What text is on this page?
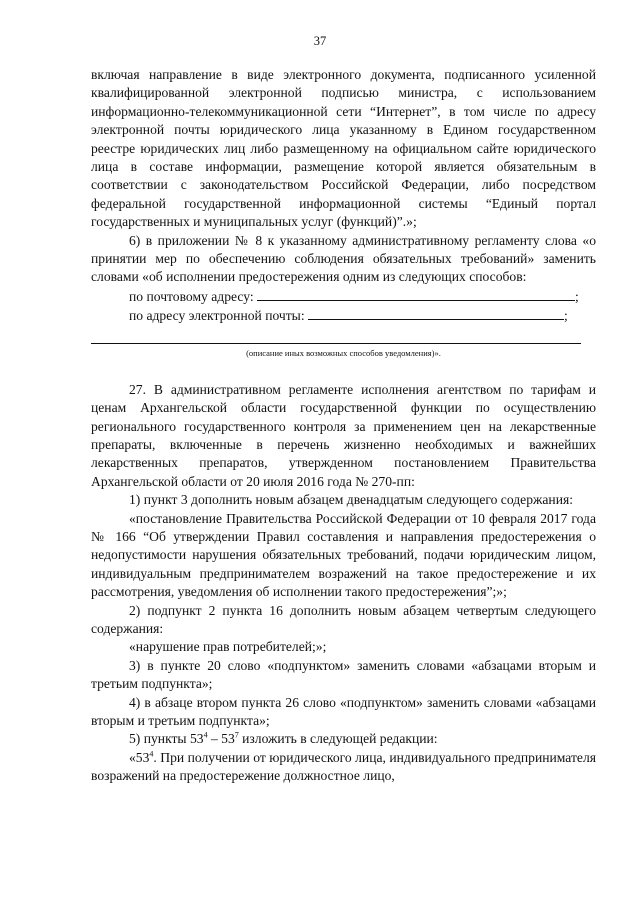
37

включая направление в виде электронного документа, подписанного усиленной квалифицированной электронной подписью министра, с использованием информационно-телекоммуникационной сети “Интернет”, в том числе по адресу электронной почты юридического лица указанному в Едином государственном реестре юридических лиц либо размещенному на официальном сайте юридического лица в составе информации, размещение которой является обязательным в соответствии с законодательством Российской Федерации, либо посредством федеральной государственной информационной системы “Единый портал государственных и муниципальных услуг (функций)”.»;

6) в приложении № 8 к указанному административному регламенту слова «о принятии мер по обеспечению соблюдения обязательных требований» заменить словами «об исполнении предостережения одним из следующих способов:

по почтовому адресу:	;

по адресу электронной почты:	;

(описание иных возможных способов уведомления)».

27. В административном регламенте исполнения агентством по тарифам и ценам Архангельской области государственной функции по осуществлению регионального государственного контроля за применением цен на лекарственные препараты, включенные в перечень жизненно необходимых и важнейших лекарственных препаратов, утвержденном постановлением Правительства Архангельской области от 20 июля 2016 года № 270-пп:

1) пункт 3 дополнить новым абзацем двенадцатым следующего содержания:

«постановление Правительства Российской Федерации от 10 февраля 2017 года № 166 “Об утверждении Правил составления и направления предостережения о недопустимости нарушения обязательных требований, подачи юридическим лицом, индивидуальным предпринимателем возражений на такое предостережение и их рассмотрения, уведомления об исполнении такого предостережения”;»;

2) подпункт 2 пункта 16 дополнить новым абзацем четвертым следующего содержания:

«нарушение прав потребителей;»;

3) в пункте 20 слово «подпунктом» заменить словами «абзацами вторым и третьим подпункта»;

4) в абзаце втором пункта 26 слово «подпунктом» заменить словами «абзацами вторым и третьим подпункта»;

5) пункты $53^4 - 53^7$ изложить в следующей редакции:

«$53^4$. При получении от юридического лица, индивидуального предпринимателя возражений на предостережение должностное лицо,
